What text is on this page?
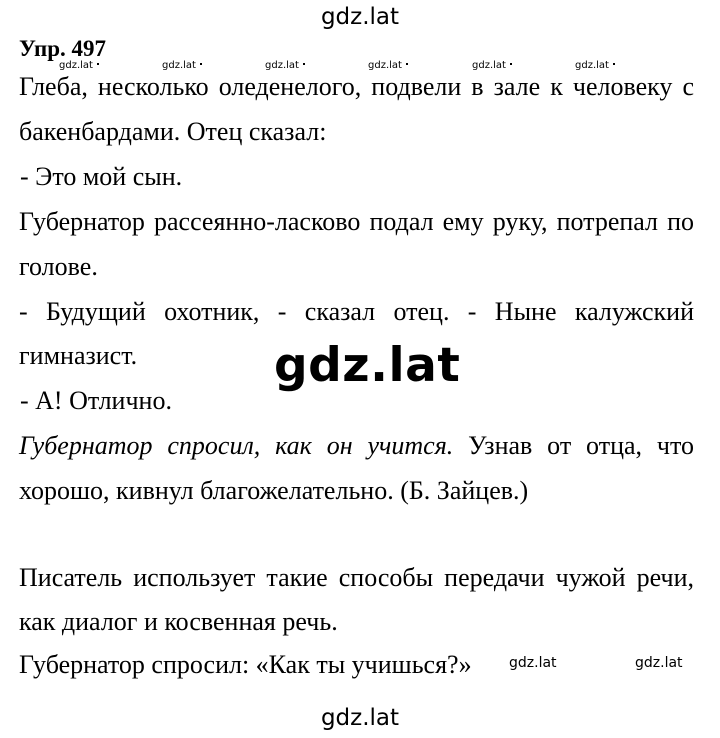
gdz.lat
Упр. 497
gdz.lat	gdz.lat	gdz.lat	gdz.lat	gdz.lat	gdz.lat
Глеба, несколько оледенелого, подвели в зале к человеку с
бакенбардами. Отец сказал:
- Это мой сын.
Губернатор рассеянно-ласково подал ему руку, потрепал по
голове.
- Будущий охотник, - сказал отец. - Ныне калужский
гимназист.
- А! Отлично.
Губернатор спросил, как он учится. Узнав от отца, что
хорошо, кивнул благожелательно. (Б. Зайцев.)
Писатель использует такие способы передачи чужой речи,
как диалог и косвенная речь.
Губернатор спросил: «Как ты учишься?»	gdz.lat	gdz.lat
gdz.lat
gdz.lat
